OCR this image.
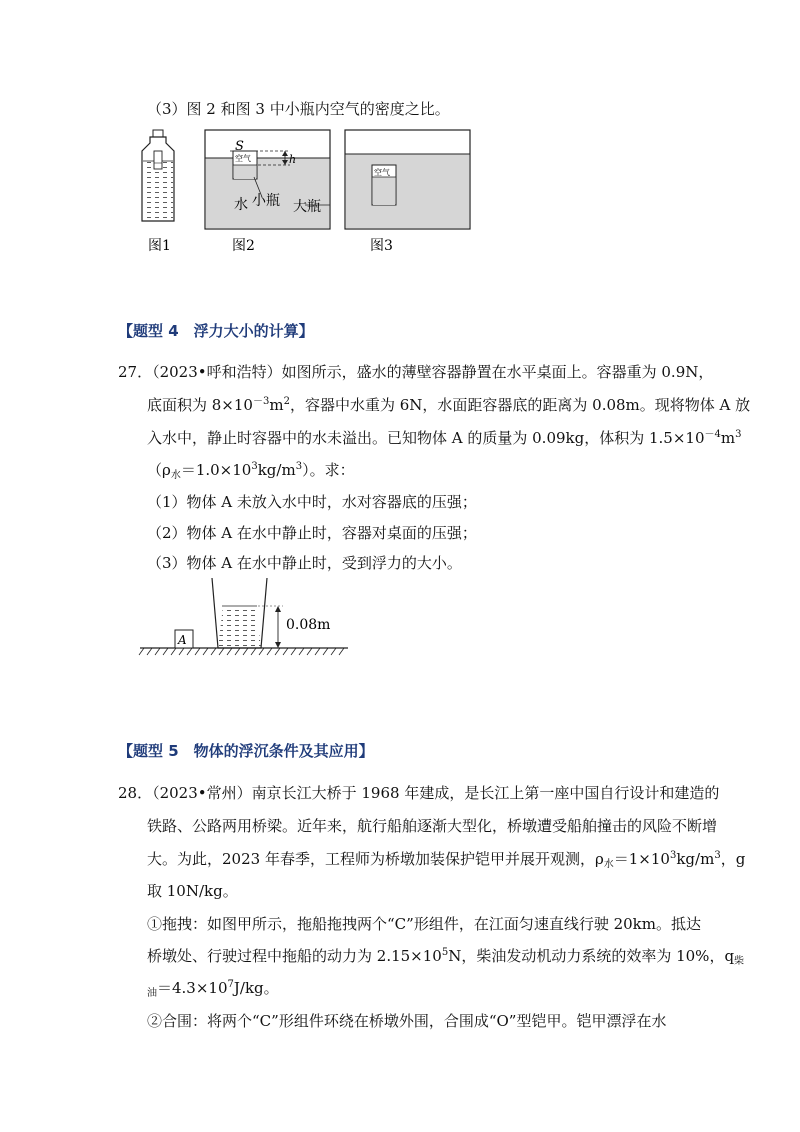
（3）图 2 和图 3 中小瓶内空气的密度之比。
图1
S
h
空气
水 小瓶 大瓶
图2
空气
图3
【题型 4　浮力大小的计算】
27．（2023•呼和浩特）如图所示，盛水的薄壁容器静置在水平桌面上。容器重为 0.9N，
底面积为 $8\times 10^{-3}m^2$，容器中水重为 6N，水面距容器底的距离为 0.08m。现将物体 A 放
入水中，静止时容器中的水未溢出。已知物体 A 的质量为 0.09kg，体积为 $1.5\times 10^{-4}m^3$
$(\rho_水=1.0\times 10^3kg/m^3)$。求：
（1）物体 A 未放入水中时，水对容器底的压强；
（2）物体 A 在水中静止时，容器对桌面的压强；
（3）物体 A 在水中静止时，受到浮力的大小。
A
0.08m
【题型 5　物体的浮沉条件及其应用】
28．（2023•常州）南京长江大桥于 1968 年建成，是长江上第一座中国自行设计和建造的
铁路、公路两用桥梁。近年来，航行船舶逐渐大型化，桥墩遭受船舶撞击的风险不断增
大。为此，2023 年春季，工程师为桥墩加装保护铠甲并展开观测，$\rho_水=1\times 10^3kg/m^3$，g
取 10N/kg。
①拖拽：如图甲所示，拖船拖拽两个“C”形组件，在江面匀速直线行驶 20km。抵达
桥墩处、行驶过程中拖船的动力为 $2.15\times 10^5N$，柴油发动机动力系统的效率为 10%，$q_柴$
$_油=4.3\times 10^7J/kg$。
②合围：将两个“C”形组件环绕在桥墩外围，合围成“O”型铠甲。铠甲漂浮在水
